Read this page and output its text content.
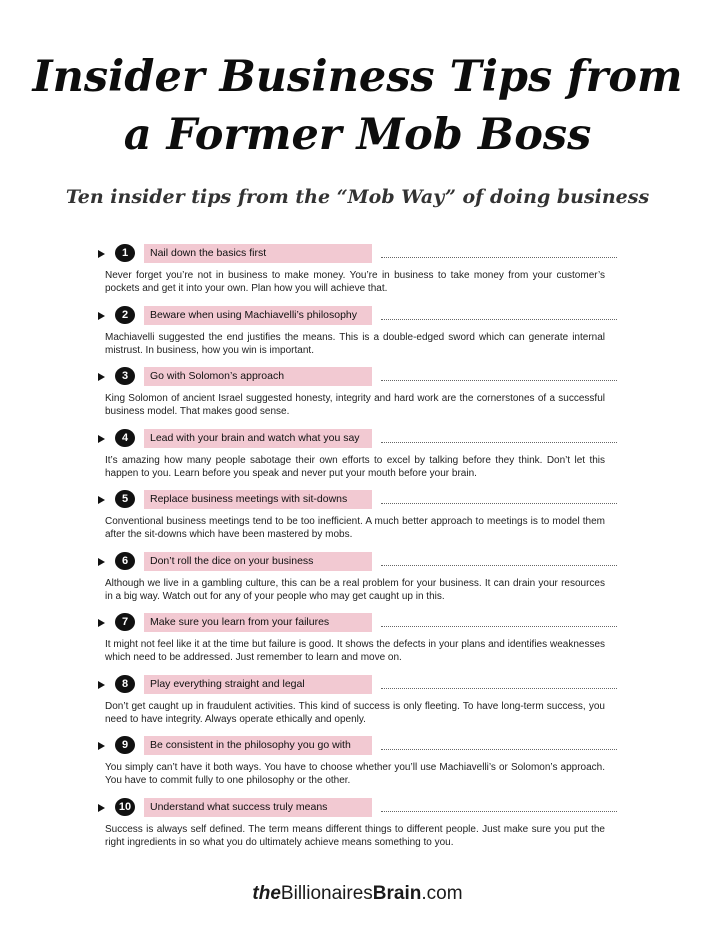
Insider Business Tips from
a Former Mob Boss
Ten insider tips from the “Mob Way” of doing business
1	Nail down the basics first
Never forget you’re not in business to make money. You’re in business to take money from your customer’s pockets and get it into your own. Plan how you will achieve that.
2	Beware when using Machiavelli’s philosophy
Machiavelli suggested the end justifies the means. This is a double-edged sword which can generate internal mistrust. In business, how you win is important.
3	Go with Solomon’s approach
King Solomon of ancient Israel suggested honesty, integrity and hard work are the cornerstones of a successful business model. That makes good sense.
4	Lead with your brain and watch what you say
It’s amazing how many people sabotage their own efforts to excel by talking before they think. Don’t let this happen to you. Learn before you speak and never put your mouth before your brain.
5	Replace business meetings with sit-downs
Conventional business meetings tend to be too inefficient. A much better approach to meetings is to model them after the sit-downs which have been mastered by mobs.
6	Don’t roll the dice on your business
Although we live in a gambling culture, this can be a real problem for your business. It can drain your resources in a big way. Watch out for any of your people who may get caught up in this.
7	Make sure you learn from your failures
It might not feel like it at the time but failure is good. It shows the defects in your plans and identifies weaknesses which need to be addressed. Just remember to learn and move on.
8	Play everything straight and legal
Don’t get caught up in fraudulent activities. This kind of success is only fleeting. To have long-term success, you need to have integrity. Always operate ethically and openly.
9	Be consistent in the philosophy you go with
You simply can’t have it both ways. You have to choose whether you’ll use Machiavelli’s or Solomon’s approach. You have to commit fully to one philosophy or the other.
10	Understand what success truly means
Success is always self defined. The term means different things to different people. Just make sure you put the right ingredients in so what you do ultimately achieve means something to you.
theBillionairesBrain.com
